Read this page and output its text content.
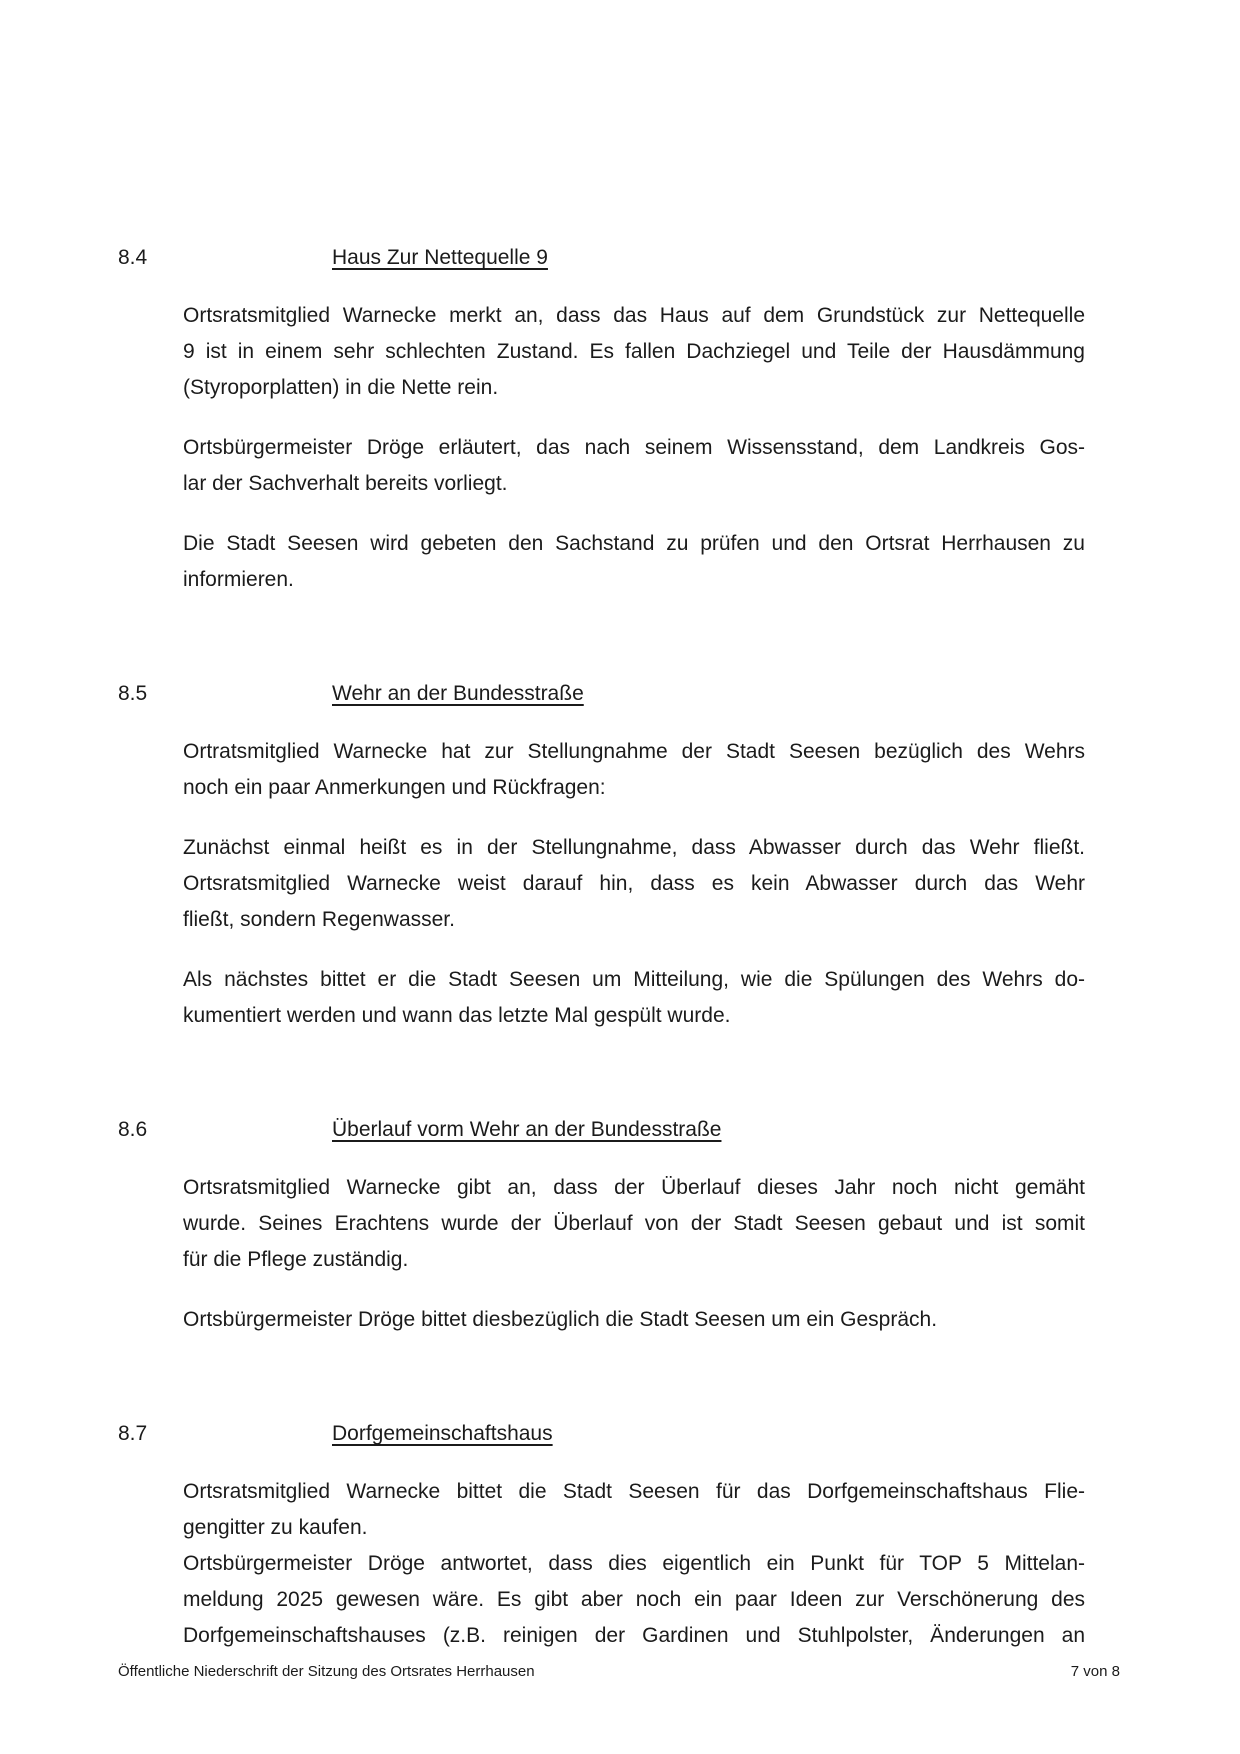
8.4	Haus Zur Nettequelle 9
Ortsratsmitglied Warnecke merkt an, dass das Haus auf dem Grundstück zur Nettequelle
9 ist in einem sehr schlechten Zustand. Es fallen Dachziegel und Teile der Hausdämmung
(Styroporplatten) in die Nette rein.
Ortsbürgermeister Dröge erläutert, das nach seinem Wissensstand, dem Landkreis Gos-
lar der Sachverhalt bereits vorliegt.
Die Stadt Seesen wird gebeten den Sachstand zu prüfen und den Ortsrat Herrhausen zu
informieren.
8.5	Wehr an der Bundesstraße
Ortratsmitglied Warnecke hat zur Stellungnahme der Stadt Seesen bezüglich des Wehrs
noch ein paar Anmerkungen und Rückfragen:
Zunächst einmal heißt es in der Stellungnahme, dass Abwasser durch das Wehr fließt.
Ortsratsmitglied Warnecke weist darauf hin, dass es kein Abwasser durch das Wehr
fließt, sondern Regenwasser.
Als nächstes bittet er die Stadt Seesen um Mitteilung, wie die Spülungen des Wehrs do-
kumentiert werden und wann das letzte Mal gespült wurde.
8.6	Überlauf vorm Wehr an der Bundesstraße
Ortsratsmitglied Warnecke gibt an, dass der Überlauf dieses Jahr noch nicht gemäht
wurde. Seines Erachtens wurde der Überlauf von der Stadt Seesen gebaut und ist somit
für die Pflege zuständig.
Ortsbürgermeister Dröge bittet diesbezüglich die Stadt Seesen um ein Gespräch.
8.7	Dorfgemeinschaftshaus
Ortsratsmitglied Warnecke bittet die Stadt Seesen für das Dorfgemeinschaftshaus Flie-
gengitter zu kaufen.
Ortsbürgermeister Dröge antwortet, dass dies eigentlich ein Punkt für TOP 5 Mittelan-
meldung 2025 gewesen wäre. Es gibt aber noch ein paar Ideen zur Verschönerung des
Dorfgemeinschaftshauses (z.B. reinigen der Gardinen und Stuhlpolster, Änderungen an
Öffentliche Niederschrift der Sitzung des Ortsrates Herrhausen	7 von 8
